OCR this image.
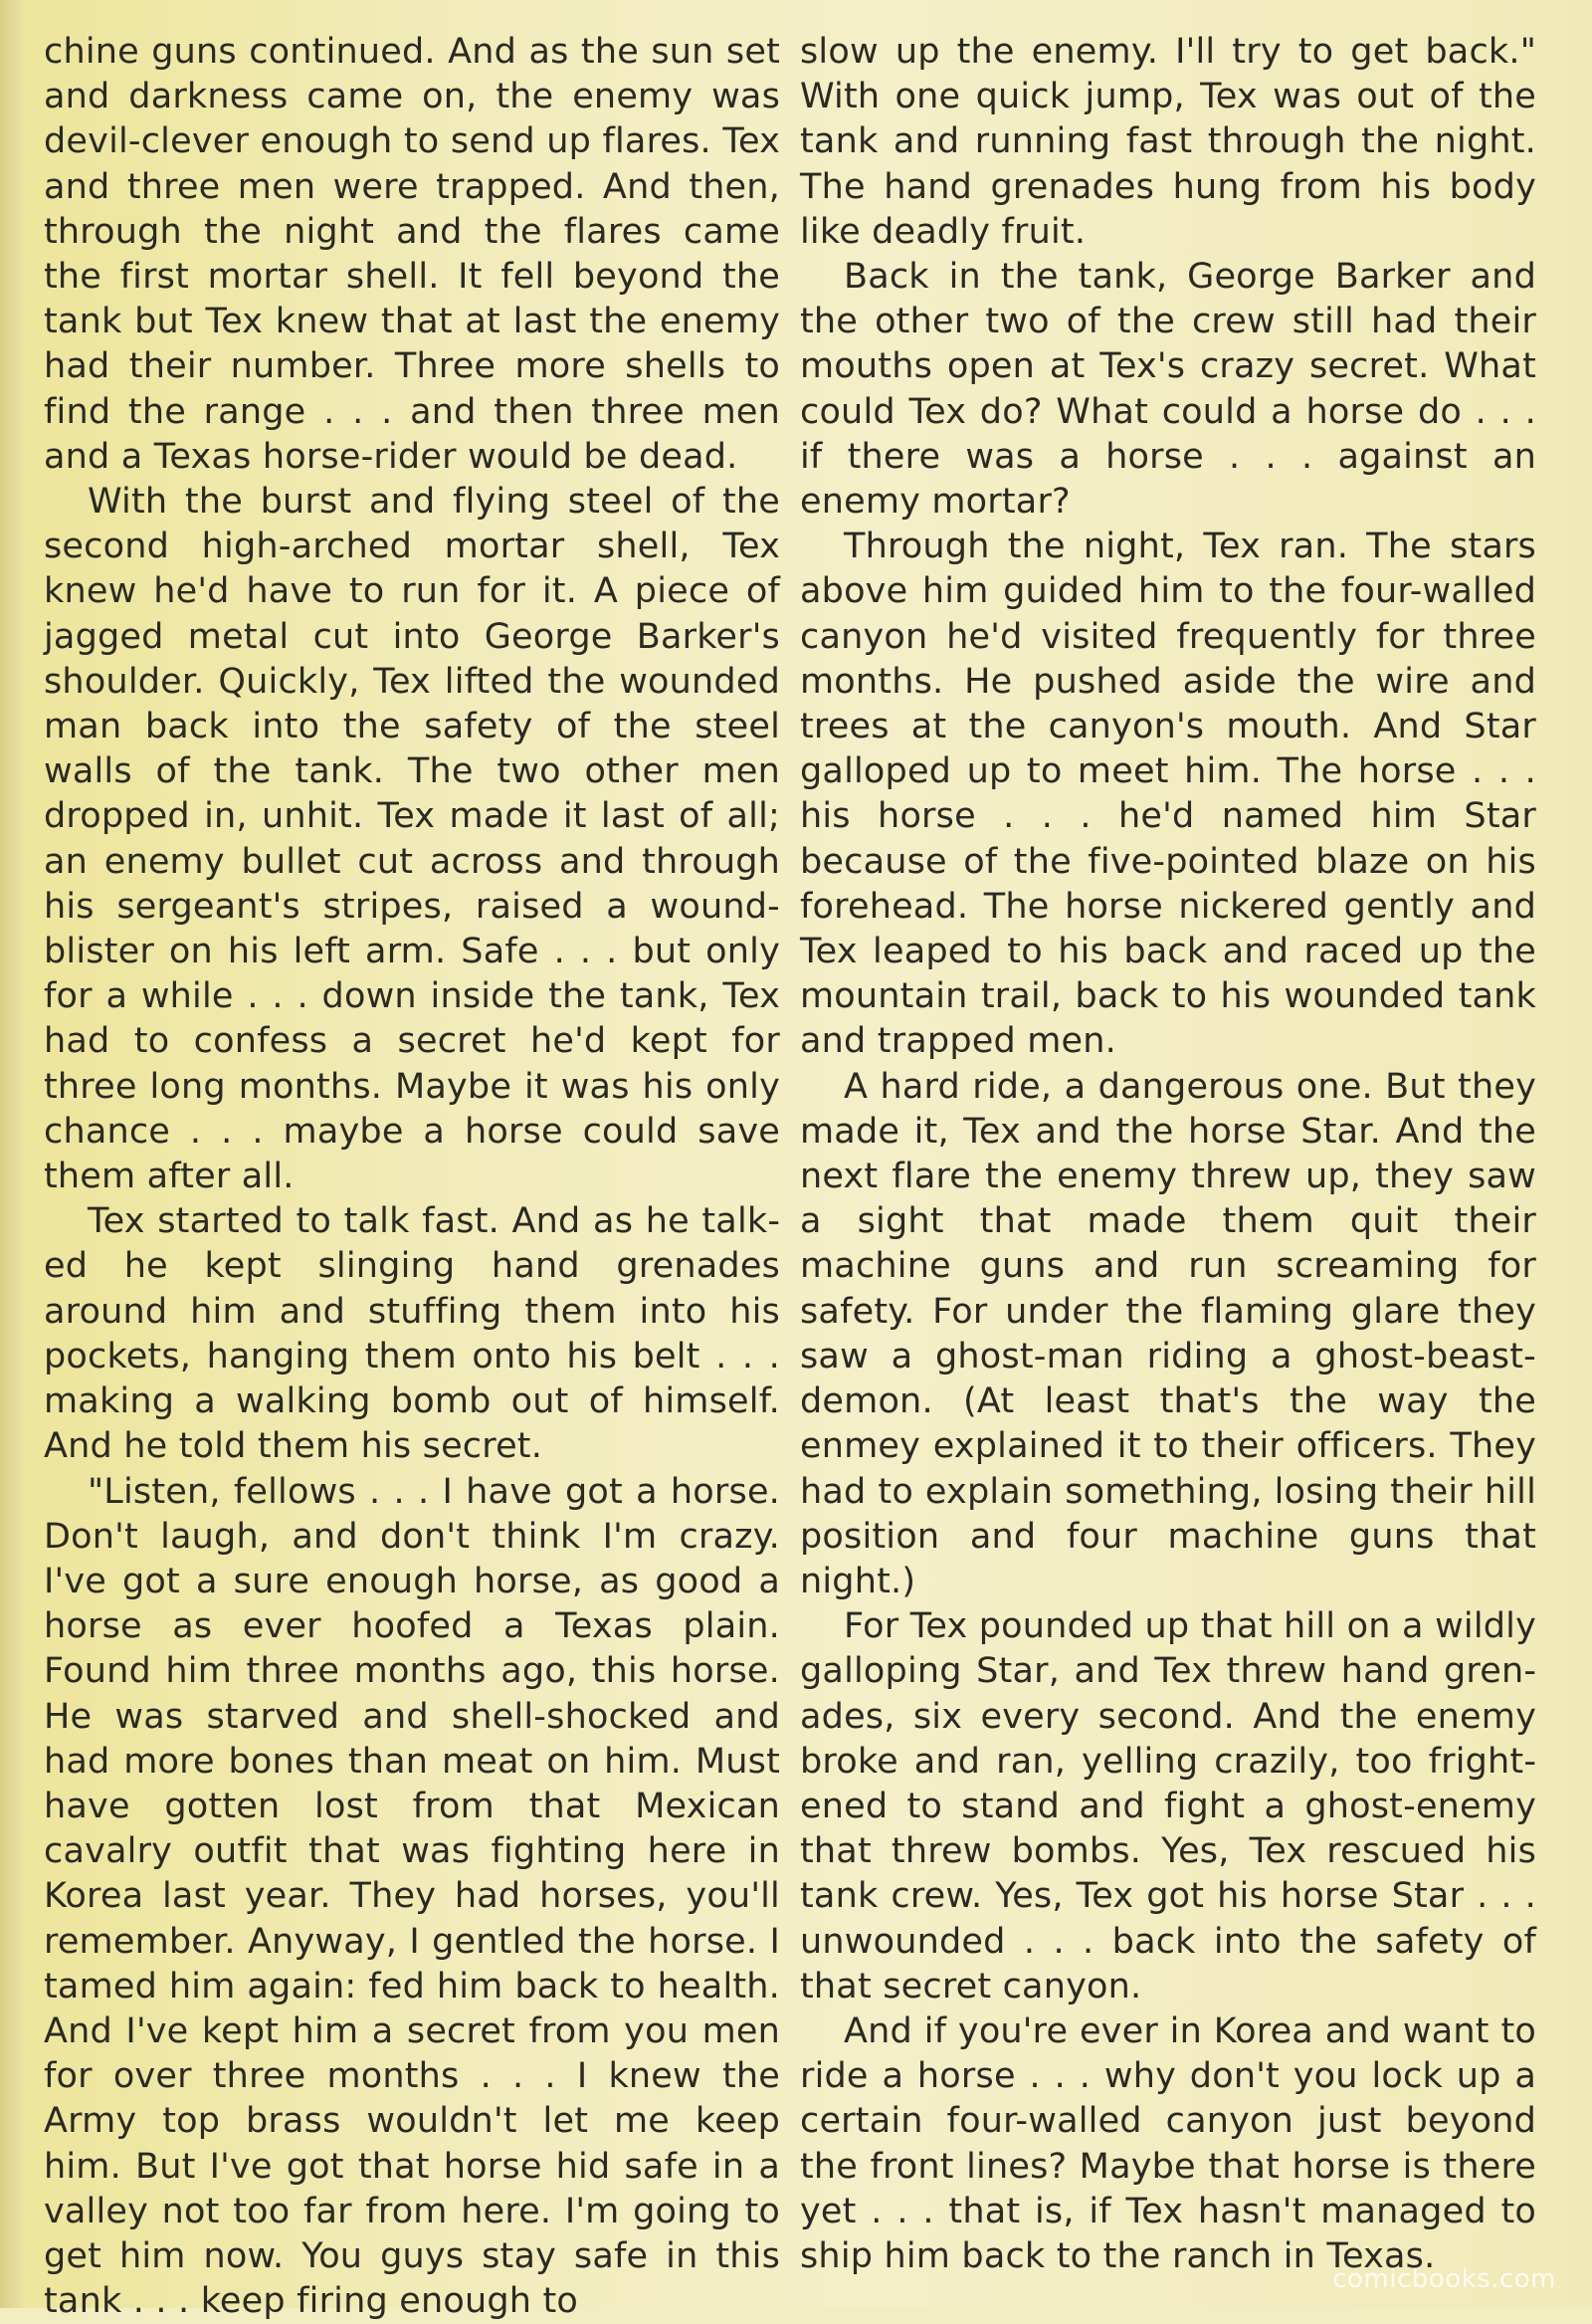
chine guns continued. And as the sun set and darkness came on, the enemy was devil-clever enough to send up flares. Tex and three men were trapped. And then, through the night and the flares came the first mortar shell. It fell beyond the tank but Tex knew that at last the enemy had their number. Three more shells to find the range . . . and then three men and a Texas horse-rider would be dead.

With the burst and flying steel of the second high-arched mortar shell, Tex knew he'd have to run for it. A piece of jagged metal cut into George Barker's shoulder. Quickly, Tex lifted the wounded man back into the safety of the steel walls of the tank. The two other men dropped in, unhit. Tex made it last of all; an enemy bullet cut across and through his sergeant's stripes, raised a wound-blister on his left arm. Safe . . . but only for a while . . . down inside the tank, Tex had to confess a secret he'd kept for three long months. Maybe it was his only chance . . . maybe a horse could save them after all.

Tex started to talk fast. And as he talked he kept slinging hand grenades around him and stuffing them into his pockets, hanging them onto his belt . . . making a walking bomb out of himself. And he told them his secret.

"Listen, fellows . . . I have got a horse. Don't laugh, and don't think I'm crazy. I've got a sure enough horse, as good a horse as ever hoofed a Texas plain. Found him three months ago, this horse. He was starved and shell-shocked and had more bones than meat on him. Must have gotten lost from that Mexican cavalry outfit that was fighting here in Korea last year. They had horses, you'll remember. Anyway, I gentled the horse. I tamed him again: fed him back to health. And I've kept him a secret from you men for over three months . . . I knew the Army top brass wouldn't let me keep him. But I've got that horse hid safe in a valley not too far from here. I'm going to get him now. You guys stay safe in this tank . . . keep firing enough to

slow up the enemy. I'll try to get back." With one quick jump, Tex was out of the tank and running fast through the night. The hand grenades hung from his body like deadly fruit.

Back in the tank, George Barker and the other two of the crew still had their mouths open at Tex's crazy secret. What could Tex do? What could a horse do . . . if there was a horse . . . against an enemy mortar?

Through the night, Tex ran. The stars above him guided him to the four-walled canyon he'd visited frequently for three months. He pushed aside the wire and trees at the canyon's mouth. And Star galloped up to meet him. The horse . . . his horse . . . he'd named him Star because of the five-pointed blaze on his forehead. The horse nickered gently and Tex leaped to his back and raced up the mountain trail, back to his wounded tank and trapped men.

A hard ride, a dangerous one. But they made it, Tex and the horse Star. And the next flare the enemy threw up, they saw a sight that made them quit their machine guns and run screaming for safety. For under the flaming glare they saw a ghost-man riding a ghost-beast-demon. (At least that's the way the enmey explained it to their officers. They had to explain something, losing their hill position and four machine guns that night.)

For Tex pounded up that hill on a wildly galloping Star, and Tex threw hand grenades, six every second. And the enemy broke and ran, yelling crazily, too frightened to stand and fight a ghost-enemy that threw bombs. Yes, Tex rescued his tank crew. Yes, Tex got his horse Star . . . unwounded . . . back into the safety of that secret canyon.

And if you're ever in Korea and want to ride a horse . . . why don't you lock up a certain four-walled canyon just beyond the front lines? Maybe that horse is there yet . . . that is, if Tex hasn't managed to ship him back to the ranch in Texas.

comicbooks.com
